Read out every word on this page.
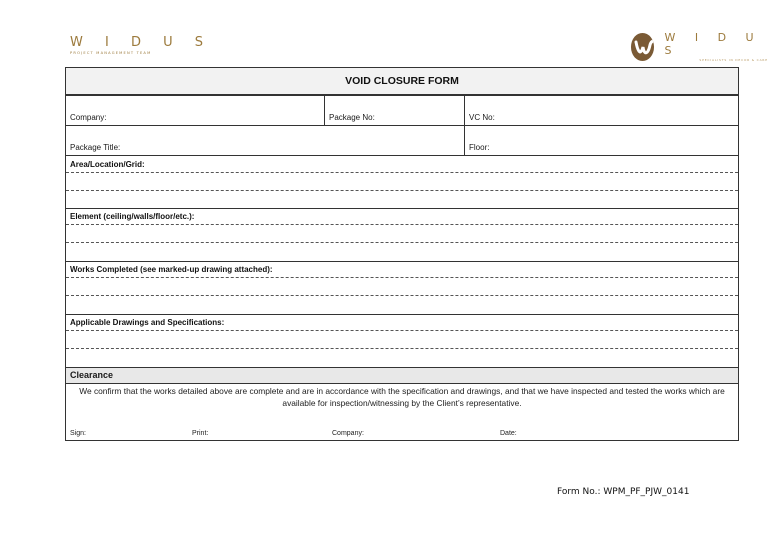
W I D U S
PROJECT MANAGEMENT TEAM
W I D U S
SPECIALISTS IN DECOR & CARE
VOID CLOSURE FORM
Company:	Package No:	VC No:
Package Title:	Floor:
Area/Location/Grid:
Element (ceiling/walls/floor/etc.):
Works Completed (see marked-up drawing attached):
Applicable Drawings and Specifications:
Clearance
We confirm that the works detailed above are complete and are in accordance with the specification and drawings, and that we have inspected and tested the works which are available for inspection/witnessing by the Client’s representative.
Sign:	Print:	Company:	Date:
Form No.: WPM_PF_PJW_0141
